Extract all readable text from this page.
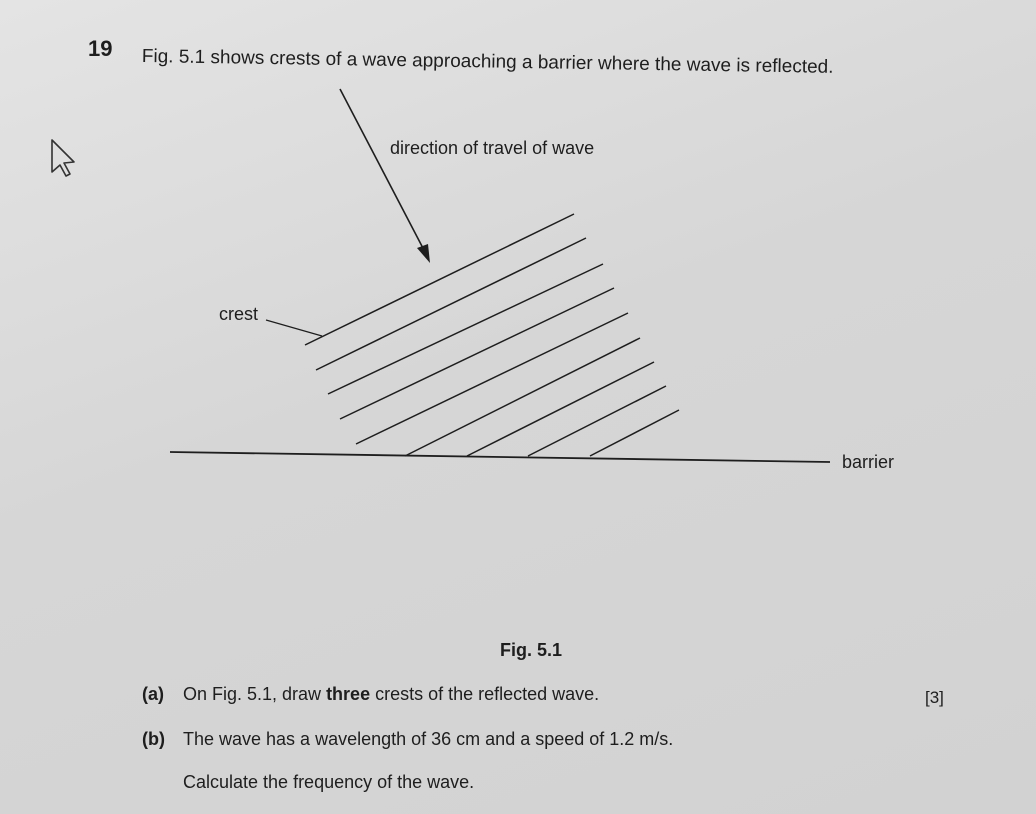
19 Fig. 5.1 shows crests of a wave approaching a barrier where the wave is reflected.
direction of travel of wave
crest
barrier
Fig. 5.1
(a) On Fig. 5.1, draw three crests of the reflected wave.	[3]
(b) The wave has a wavelength of 36 cm and a speed of 1.2 m/s.
Calculate the frequency of the wave.
